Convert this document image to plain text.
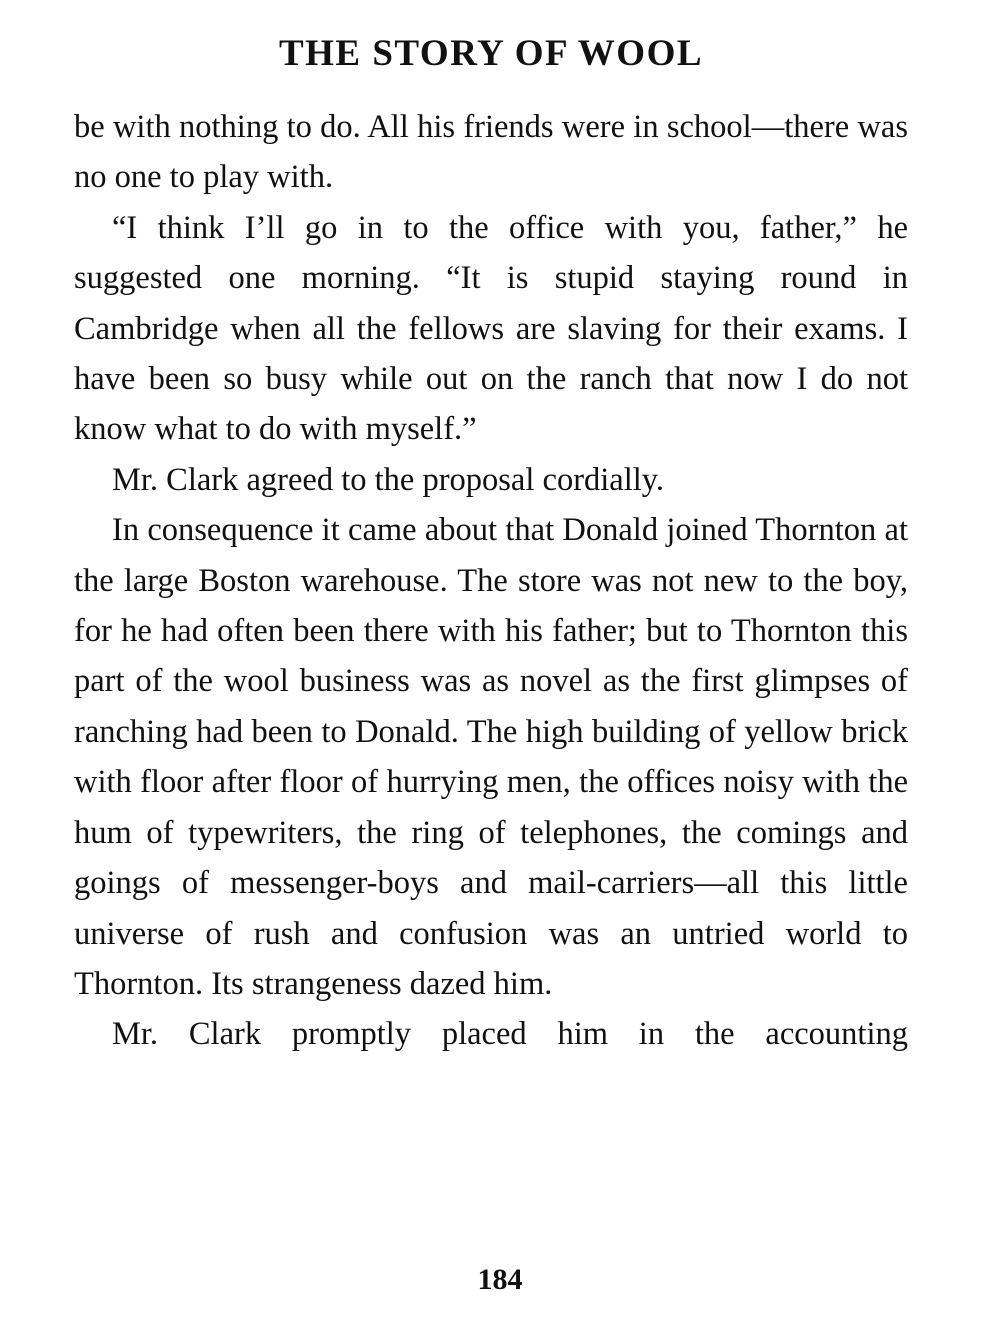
THE STORY OF WOOL

be with nothing to do. All his friends were in school—there was no one to play with.

“I think I’ll go in to the office with you, father,” he suggested one morning. “It is stupid staying round in Cambridge when all the fellows are slaving for their exams. I have been so busy while out on the ranch that now I do not know what to do with myself.”

Mr. Clark agreed to the proposal cordially.

In consequence it came about that Donald joined Thornton at the large Boston warehouse. The store was not new to the boy, for he had often been there with his father; but to Thornton this part of the wool business was as novel as the first glimpses of ranching had been to Donald. The high building of yellow brick with floor after floor of hurrying men, the offices noisy with the hum of typewriters, the ring of telephones, the comings and goings of messenger-boys and mail-carriers—all this little universe of rush and confusion was an untried world to Thornton. Its strangeness dazed him.

Mr. Clark promptly placed him in the accounting

184
